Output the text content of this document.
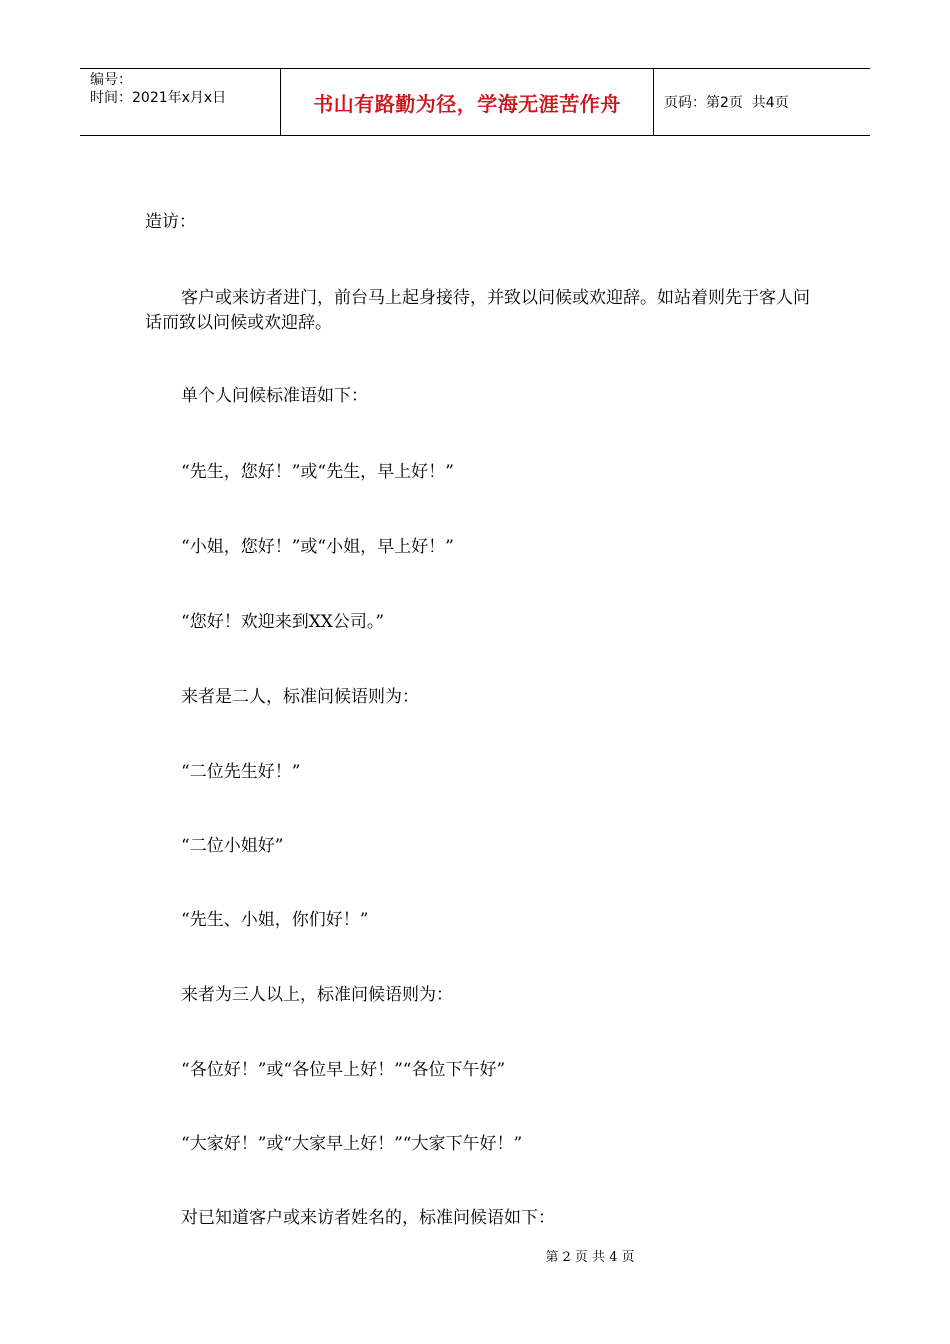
编号：
时间：2021年x月x日	书山有路勤为径，学海无涯苦作舟	页码：第2页  共4页

造访：

客户或来访者进门，前台马上起身接待，并致以问候或欢迎辞。如站着则先于客人问话而致以问候或欢迎辞。

单个人问候标准语如下：

“先生，您好！”或“先生，早上好！”

“小姐，您好！”或“小姐，早上好！”

“您好！欢迎来到XX公司。”

来者是二人，标准问候语则为：

“二位先生好！”

“二位小姐好”

“先生、小姐，你们好！”

来者为三人以上，标准问候语则为：

“各位好！”或“各位早上好！”“各位下午好”

“大家好！”或“大家早上好！”“大家下午好！”

对已知道客户或来访者姓名的，标准问候语如下：

第 2 页 共 4 页
